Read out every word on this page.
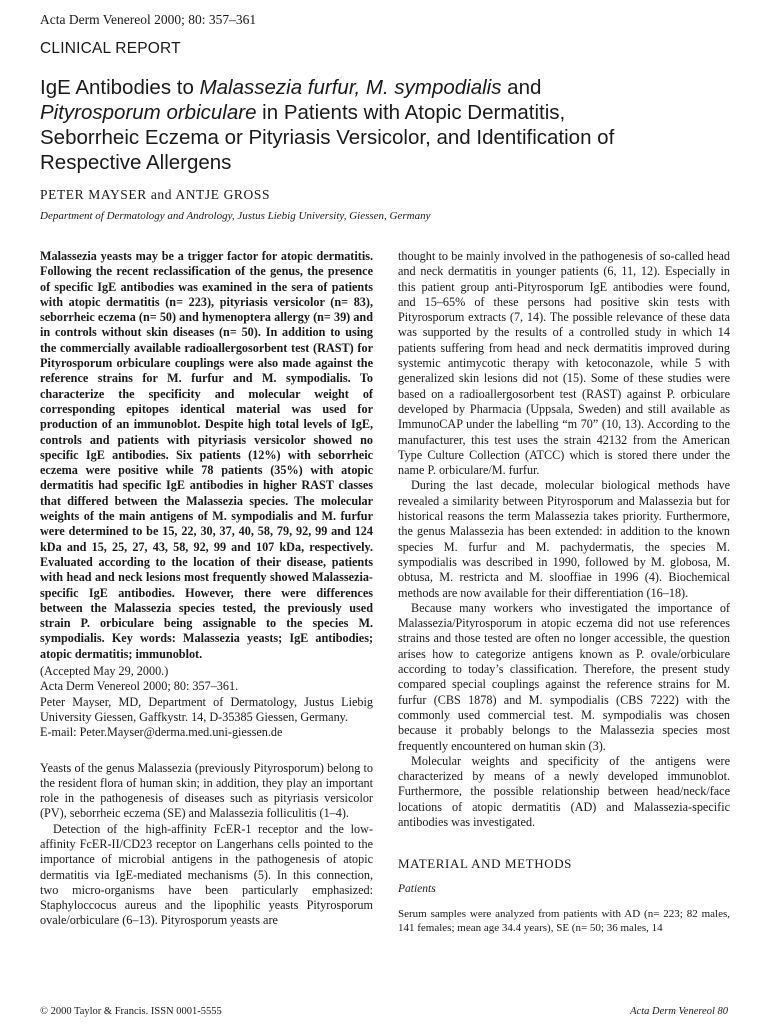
Acta Derm Venereol 2000; 80: 357–361
CLINICAL REPORT
IgE Antibodies to Malassezia furfur, M. sympodialis and
Pityrosporum orbiculare in Patients with Atopic Dermatitis,
Seborrheic Eczema or Pityriasis Versicolor, and Identification of
Respective Allergens
PETER MAYSER and ANTJE GROSS
Department of Dermatology and Andrology, Justus Liebig University, Giessen, Germany

Malassezia yeasts may be a trigger factor for atopic dermatitis. Following the recent reclassification of the genus, the presence of specific IgE antibodies was examined in the sera of patients with atopic dermatitis (n= 223), pityriasis versicolor (n= 83), seborrheic eczema (n= 50) and hymenoptera allergy (n= 39) and in controls without skin diseases (n= 50). In addition to using the commercially available radioallergosorbent test (RAST) for Pityrosporum orbiculare couplings were also made against the reference strains for M. furfur and M. sympodialis. To characterize the specificity and molecular weight of corresponding epitopes identical material was used for production of an immunoblot. Despite high total levels of IgE, controls and patients with pityriasis versicolor showed no specific IgE antibodies. Six patients (12%) with seborrheic eczema were positive while 78 patients (35%) with atopic dermatitis had specific IgE antibodies in higher RAST classes that differed between the Malassezia species. The molecular weights of the main antigens of M. sympodialis and M. furfur were determined to be 15, 22, 30, 37, 40, 58, 79, 92, 99 and 124 kDa and 15, 25, 27, 43, 58, 92, 99 and 107 kDa, respectively. Evaluated according to the location of their disease, patients with head and neck lesions most frequently showed Malassezia-specific IgE antibodies. However, there were differences between the Malassezia species tested, the previously used strain P. orbiculare being assignable to the species M. sympodialis. Key words: Malassezia yeasts; IgE antibodies; atopic dermatitis; immunoblot.

(Accepted May 29, 2000.)

Acta Derm Venereol 2000; 80: 357–361.

Peter Mayser, MD, Department of Dermatology, Justus Liebig University Giessen, Gaffkystr. 14, D-35385 Giessen, Germany.

E-mail: Peter.Mayser@derma.med.uni-giessen.de

Yeasts of the genus Malassezia (previously Pityrosporum) belong to the resident flora of human skin; in addition, they play an important role in the pathogenesis of diseases such as pityriasis versicolor (PV), seborrheic eczema (SE) and Malassezia folliculitis (1–4).

Detection of the high-affinity FcER-1 receptor and the low-affinity FcER-II/CD23 receptor on Langerhans cells pointed to the importance of microbial antigens in the pathogenesis of atopic dermatitis via IgE-mediated mechanisms (5). In this connection, two micro-organisms have been particularly emphasized: Staphyloccocus aureus and the lipophilic yeasts Pityrosporum ovale/orbiculare (6–13). Pityrosporum yeasts are

thought to be mainly involved in the pathogenesis of so-called head and neck dermatitis in younger patients (6, 11, 12). Especially in this patient group anti-Pityrosporum IgE antibodies were found, and 15–65% of these persons had positive skin tests with Pityrosporum extracts (7, 14). The possible relevance of these data was supported by the results of a controlled study in which 14 patients suffering from head and neck dermatitis improved during systemic antimycotic therapy with ketoconazole, while 5 with generalized skin lesions did not (15). Some of these studies were based on a radioallergosorbent test (RAST) against P. orbiculare developed by Pharmacia (Uppsala, Sweden) and still available as ImmunoCAP under the labelling “m 70” (10, 13). According to the manufacturer, this test uses the strain 42132 from the American Type Culture Collection (ATCC) which is stored there under the name P. orbiculare/M. furfur.

During the last decade, molecular biological methods have revealed a similarity between Pityrosporum and Malassezia but for historical reasons the term Malassezia takes priority. Furthermore, the genus Malassezia has been extended: in addition to the known species M. furfur and M. pachydermatis, the species M. sympodialis was described in 1990, followed by M. globosa, M. obtusa, M. restricta and M. slooffiae in 1996 (4). Biochemical methods are now available for their differentiation (16–18).

Because many workers who investigated the importance of Malassezia/Pityrosporum in atopic eczema did not use references strains and those tested are often no longer accessible, the question arises how to categorize antigens known as P. ovale/orbiculare according to today’s classification. Therefore, the present study compared special couplings against the reference strains for M. furfur (CBS 1878) and M. sympodialis (CBS 7222) with the commonly used commercial test. M. sympodialis was chosen because it probably belongs to the Malassezia species most frequently encountered on human skin (3).

Molecular weights and specificity of the antigens were characterized by means of a newly developed immunoblot. Furthermore, the possible relationship between head/neck/face locations of atopic dermatitis (AD) and Malassezia-specific antibodies was investigated.

MATERIAL AND METHODS
Patients
Serum samples were analyzed from patients with AD (n= 223; 82 males, 141 females; mean age 34.4 years), SE (n= 50; 36 males, 14
© 2000 Taylor & Francis. ISSN 0001-5555	Acta Derm Venereol 80
